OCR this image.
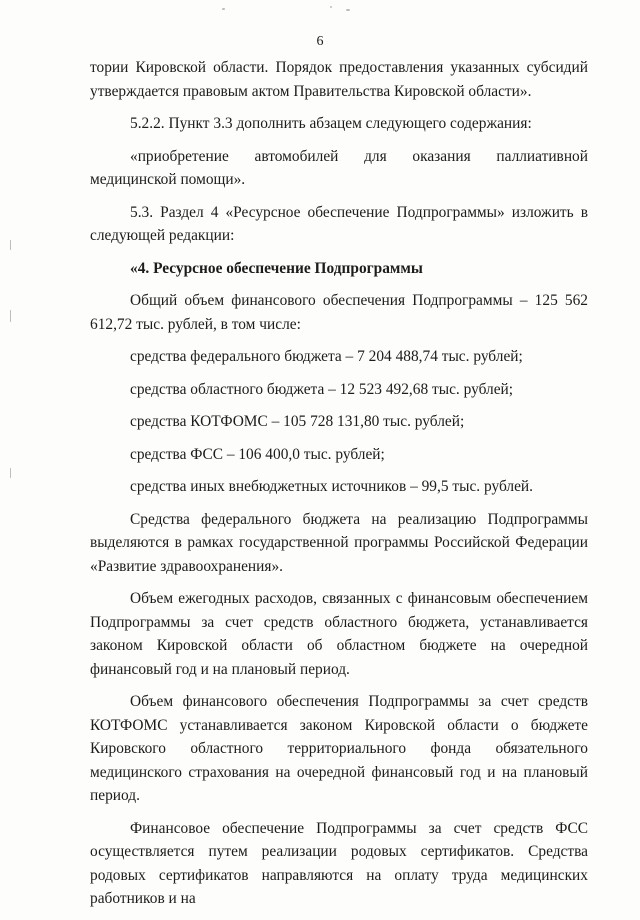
6

тории Кировской области. Порядок предоставления указанных субсидий утверждается правовым актом Правительства Кировской области».

5.2.2. Пункт 3.3 дополнить абзацем следующего содержания:

«приобретение автомобилей для оказания паллиативной медицинской помощи».

5.3. Раздел 4 «Ресурсное обеспечение Подпрограммы» изложить в следующей редакции:

«4. Ресурсное обеспечение Подпрограммы

Общий объем финансового обеспечения Подпрограммы – 125 562 612,72 тыс. рублей, в том числе:

средства федерального бюджета – 7 204 488,74 тыс. рублей;

средства областного бюджета – 12 523 492,68 тыс. рублей;

средства КОТФОМС – 105 728 131,80 тыс. рублей;

средства ФСС – 106 400,0 тыс. рублей;

средства иных внебюджетных источников – 99,5 тыс. рублей.

Средства федерального бюджета на реализацию Подпрограммы выделяются в рамках государственной программы Российской Федерации «Развитие здравоохранения».

Объем ежегодных расходов, связанных с финансовым обеспечением Подпрограммы за счет средств областного бюджета, устанавливается законом Кировской области об областном бюджете на очередной финансовый год и на плановый период.

Объем финансового обеспечения Подпрограммы за счет средств КОТФОМС устанавливается законом Кировской области о бюджете Кировского областного территориального фонда обязательного медицинского страхования на очередной финансовый год и на плановый период.

Финансовое обеспечение Подпрограммы за счет средств ФСС осуществляется путем реализации родовых сертификатов. Средства родовых сертификатов направляются на оплату труда медицинских работников и на
